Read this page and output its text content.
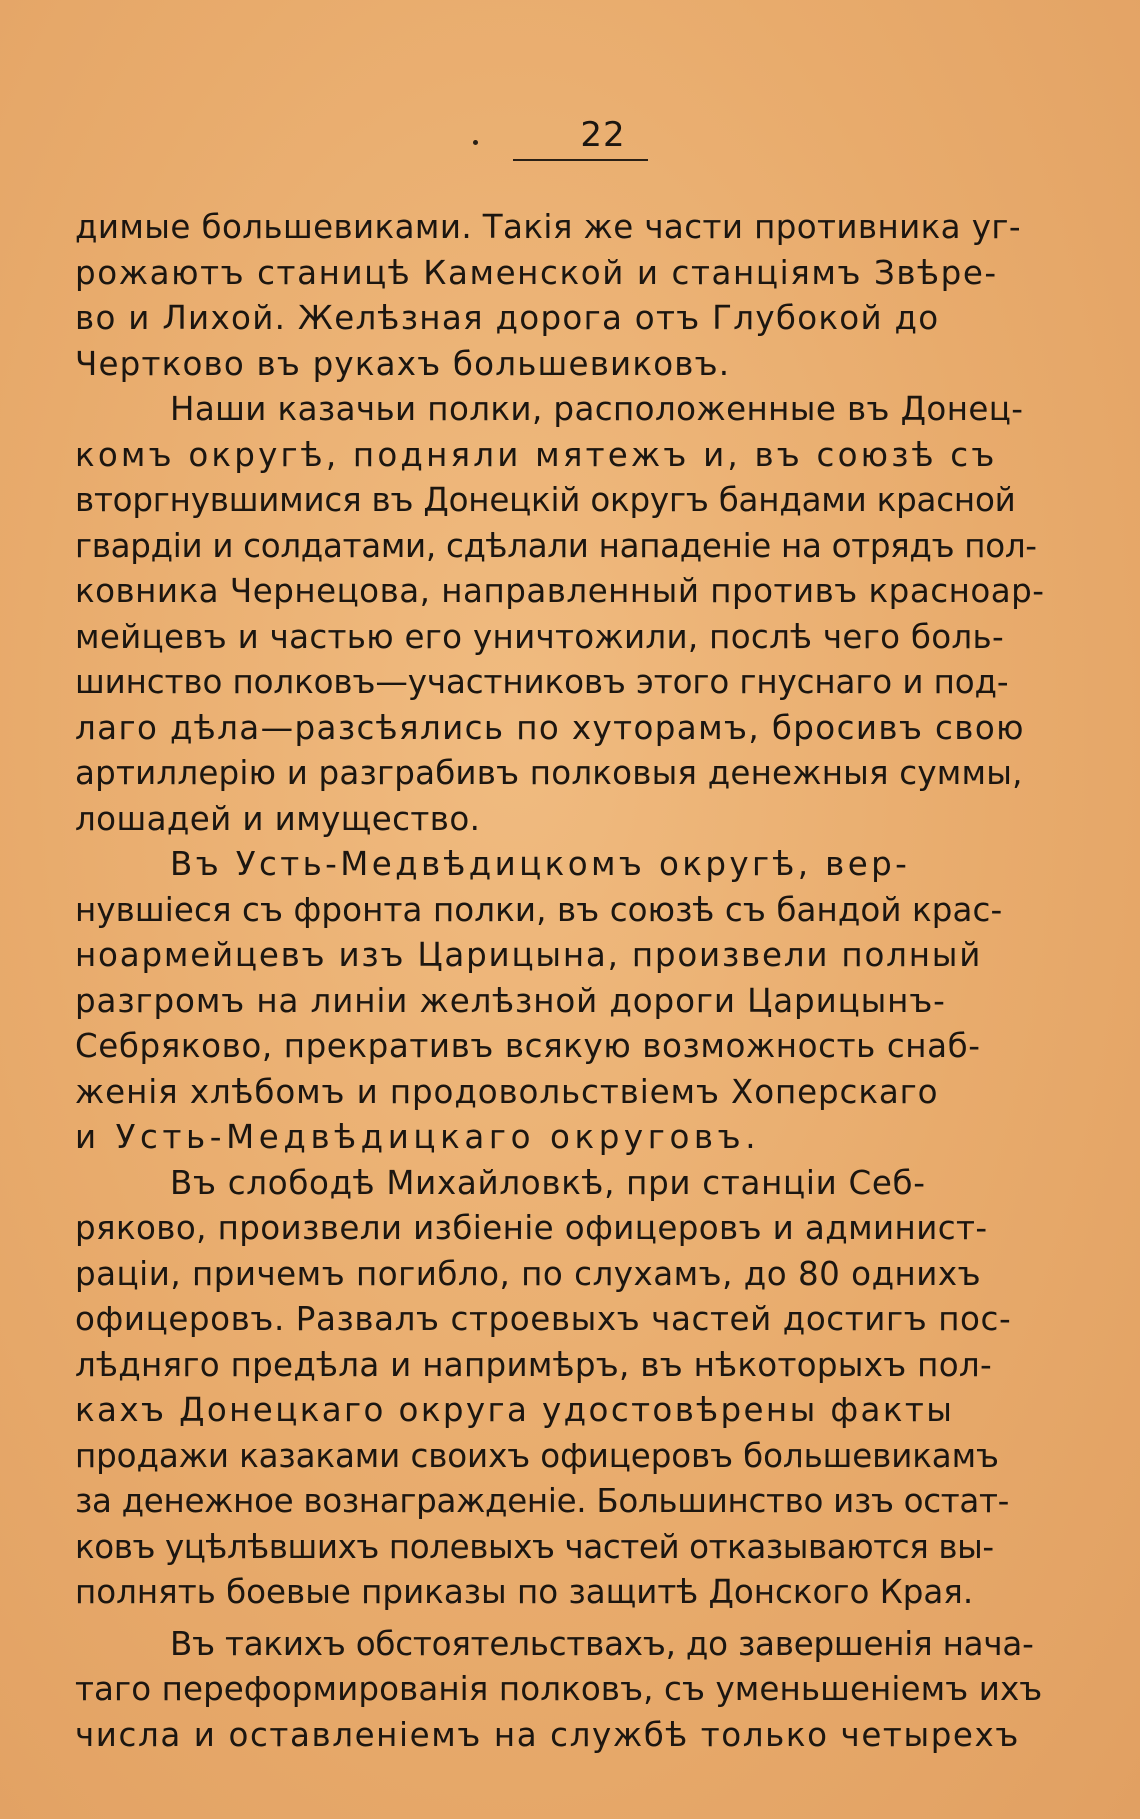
22
димые большевиками. Такія же части противника уг-
рожаютъ станицѣ Каменской и станціямъ Звѣре-
во и Лихой. Желѣзная дорога отъ Глубокой до
Чертково въ рукахъ большевиковъ.
Наши казачьи полки, расположенные въ Донец-
комъ округѣ, подняли мятежъ и, въ союзѣ съ
вторгнувшимися въ Донецкій округъ бандами красной
гвардіи и солдатами, сдѣлали нападеніе на отрядъ пол-
ковника Чернецова, направленный противъ красноар-
мейцевъ и частью его уничтожили, послѣ чего боль-
шинство полковъ—участниковъ этого гнуснаго и под-
лаго дѣла—разсѣялись по хуторамъ, бросивъ свою
артиллерію и разграбивъ полковыя денежныя суммы,
лошадей и имущество.
Въ Усть-Медвѣдицкомъ округѣ, вер-
нувшіеся съ фронта полки, въ союзѣ съ бандой крас-
ноармейцевъ изъ Царицына, произвели полный
разгромъ на линіи желѣзной дороги Царицынъ-
Себряково, прекративъ всякую возможность снаб-
женія хлѣбомъ и продовольствіемъ Хоперскаго
и Усть-Медвѣдицкаго округовъ.
Въ слободѣ Михайловкѣ, при станціи Себ-
ряково, произвели избіеніе офицеровъ и админист-
раціи, причемъ погибло, по слухамъ, до 80 однихъ
офицеровъ. Развалъ строевыхъ частей достигъ пос-
лѣдняго предѣла и напримѣръ, въ нѣкоторыхъ пол-
кахъ Донецкаго округа удостовѣрены факты
продажи казаками своихъ офицеровъ большевикамъ
за денежное вознагражденіе. Большинство изъ остат-
ковъ уцѣлѣвшихъ полевыхъ частей отказываются вы-
полнять боевые приказы по защитѣ Донского Края.
Въ такихъ обстоятельствахъ, до завершенія нача-
таго переформированія полковъ, съ уменьшеніемъ ихъ
числа и оставленіемъ на службѣ только четырехъ
